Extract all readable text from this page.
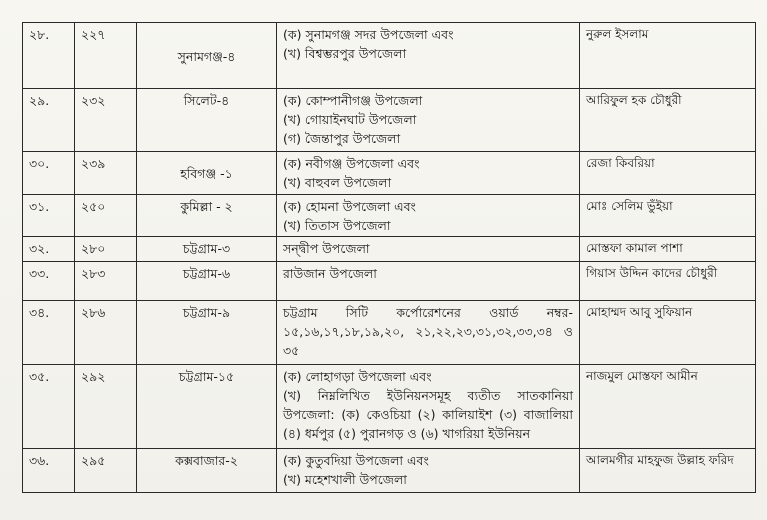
২৮.	২২৭	সুনামগঞ্জ-৪	(ক) সুনামগঞ্জ সদর উপজেলা এবং
(খ) বিশ্বম্ভরপুর উপজেলা	নুরুল ইসলাম
২৯.	২৩২	সিলেট-৪	(ক) কোম্পানীগঞ্জ উপজেলা
(খ) গোয়াইনঘাট উপজেলা
(গ) জৈন্তাপুর উপজেলা	আরিফুল হক চৌধুরী
৩০.	২৩৯	হবিগঞ্জ -১	(ক) নবীগঞ্জ উপজেলা এবং
(খ) বাহুবল উপজেলা	রেজা কিবরিয়া
৩১.	২৫০	কুমিল্লা - ২	(ক) হোমনা উপজেলা এবং
(খ) তিতাস উপজেলা	মোঃ সেলিম ভুঁইয়া
৩২.	২৮০	চট্টগ্রাম-৩	সন্দ্বীপ উপজেলা	মোস্তফা কামাল পাশা
৩৩.	২৮৩	চট্টগ্রাম-৬	রাউজান উপজেলা	গিয়াস উদ্দিন কাদের চৌধুরী
৩৪.	২৮৬	চট্টগ্রাম-৯	চট্টগ্রাম সিটি কর্পোরেশনের ওয়ার্ড নম্বর-
১৫,১৬,১৭,১৮,১৯,২০, ২১,২২,২৩,৩১,৩২,৩৩,৩৪ ও
৩৫	মোহাম্মদ আবু সুফিয়ান
৩৫.	২৯২	চট্টগ্রাম-১৫	(ক) লোহাগড়া উপজেলা এবং
(খ) নিম্নলিখিত ইউনিয়নসমূহ ব্যতীত সাতকানিয়া
উপজেলা: (ক) কেওচিয়া (২) কালিয়াইশ (৩) বাজালিয়া
(৪) ধর্মপুর (৫) পুরানগড় ও (৬) খাগরিয়া ইউনিয়ন	নাজমুল মোস্তফা আমীন
৩৬.	২৯৫	কক্সবাজার-২	(ক) কুতুবদিয়া উপজেলা এবং
(খ) মহেশখালী উপজেলা	আলমগীর মাহফুজ উল্লাহ ফরিদ
